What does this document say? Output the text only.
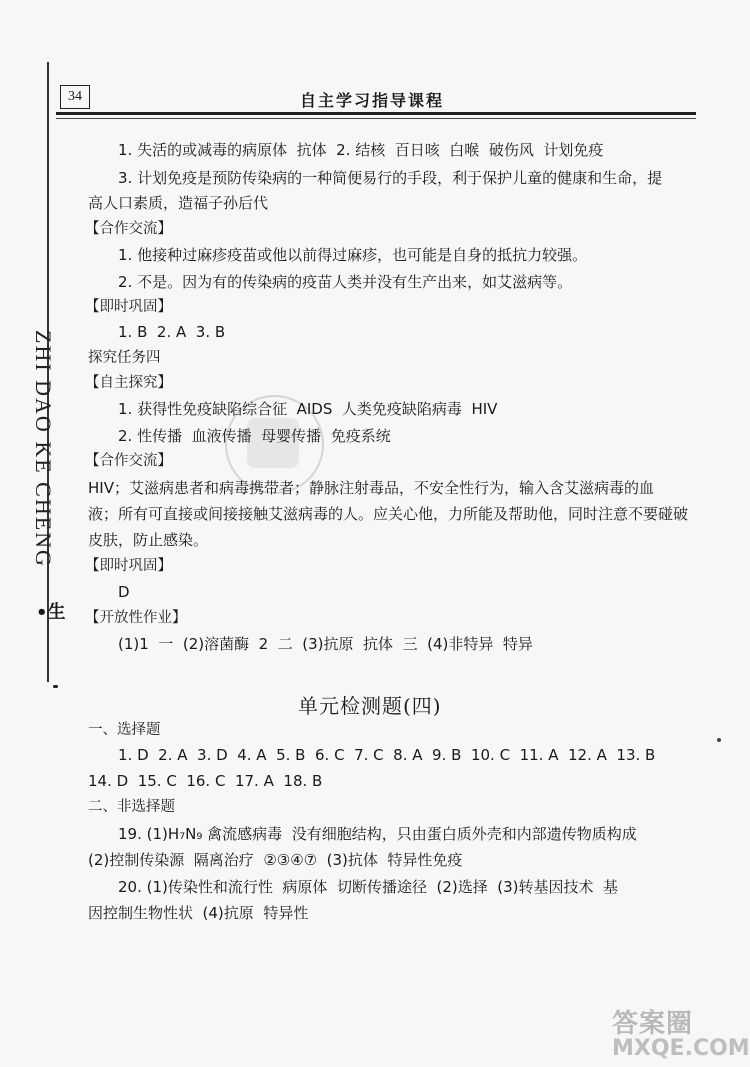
34	自主学习指导课程
ZHI DAO KE CHENG
•生
1. 失活的或减毒的病原体  抗体  2. 结核  百日咳  白喉  破伤风  计划免疫
3. 计划免疫是预防传染病的一种简便易行的手段，利于保护儿童的健康和生命，提
高人口素质，造福子孙后代
【合作交流】
1. 他接种过麻疹疫苗或他以前得过麻疹，也可能是自身的抵抗力较强。
2. 不是。因为有的传染病的疫苗人类并没有生产出来，如艾滋病等。
【即时巩固】
1. B  2. A  3. B
探究任务四
【自主探究】
1. 获得性免疫缺陷综合征  AIDS  人类免疫缺陷病毒  HIV
2. 性传播  血液传播  母婴传播  免疫系统
【合作交流】
HIV；艾滋病患者和病毒携带者；静脉注射毒品，不安全性行为，输入含艾滋病毒的血
液；所有可直接或间接接触艾滋病毒的人。应关心他，力所能及帮助他，同时注意不要碰破
皮肤，防止感染。
【即时巩固】
D
【开放性作业】
(1)1  一  (2)溶菌酶  2  二  (3)抗原  抗体  三  (4)非特异  特异
单元检测题(四)
一、选择题
1. D  2. A  3. D  4. A  5. B  6. C  7. C  8. A  9. B  10. C  11. A  12. A  13. B
14. D  15. C  16. C  17. A  18. B
二、非选择题
19. (1)H₇N₉ 禽流感病毒  没有细胞结构，只由蛋白质外壳和内部遗传物质构成
(2)控制传染源  隔离治疗  ②③④⑦  (3)抗体  特异性免疫
20. (1)传染性和流行性  病原体  切断传播途径  (2)选择  (3)转基因技术  基
因控制生物性状  (4)抗原  特异性
答案圈
MXQE.COM
